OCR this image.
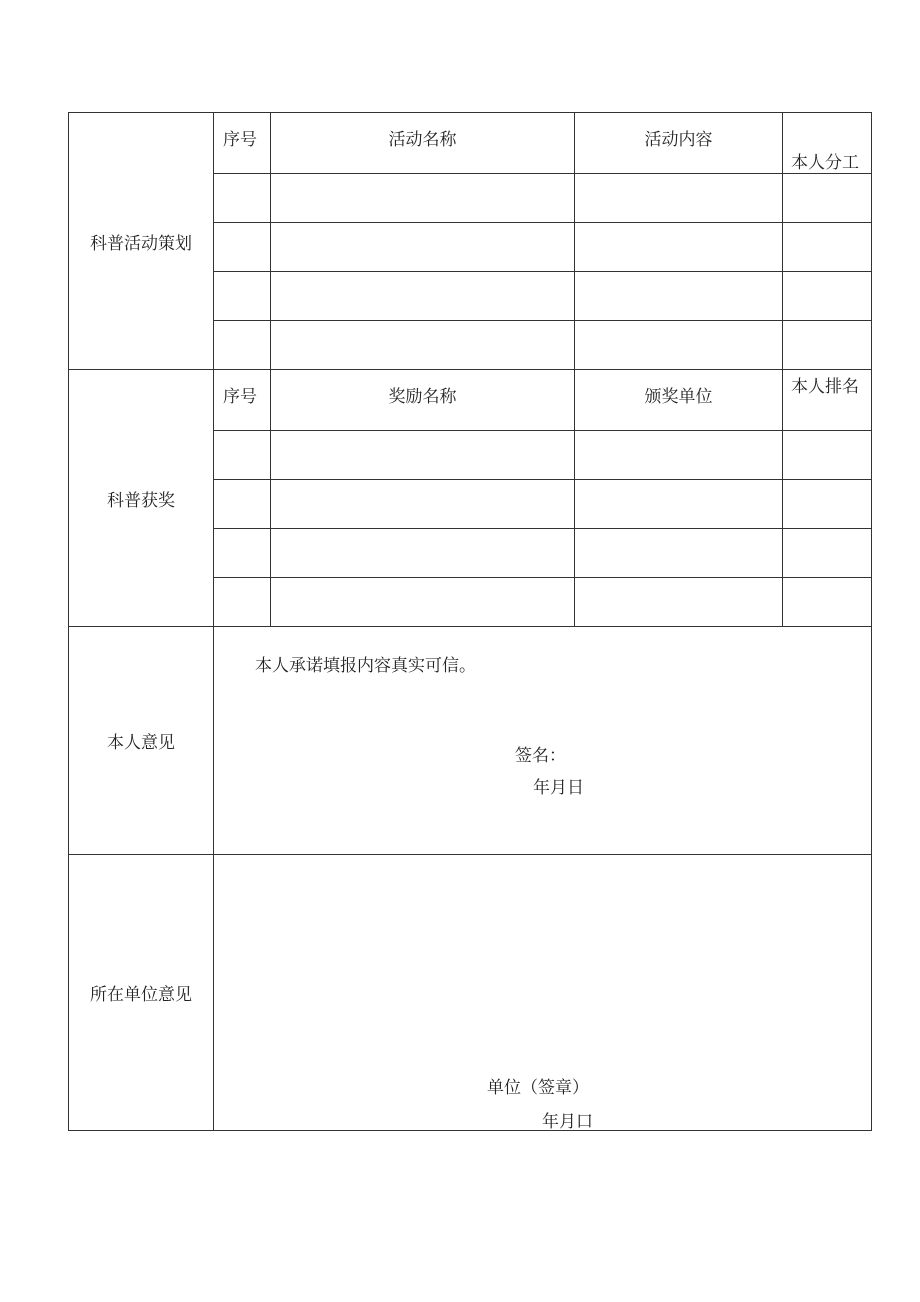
科普活动策划	序号	活动名称	活动内容	本人分工

科普获奖	序号	奖励名称	颁奖单位	本人排名

本人意见	本人承诺填报内容真实可信。
签名：
年月日			

所在单位意见	单位（签章）
年月口			
